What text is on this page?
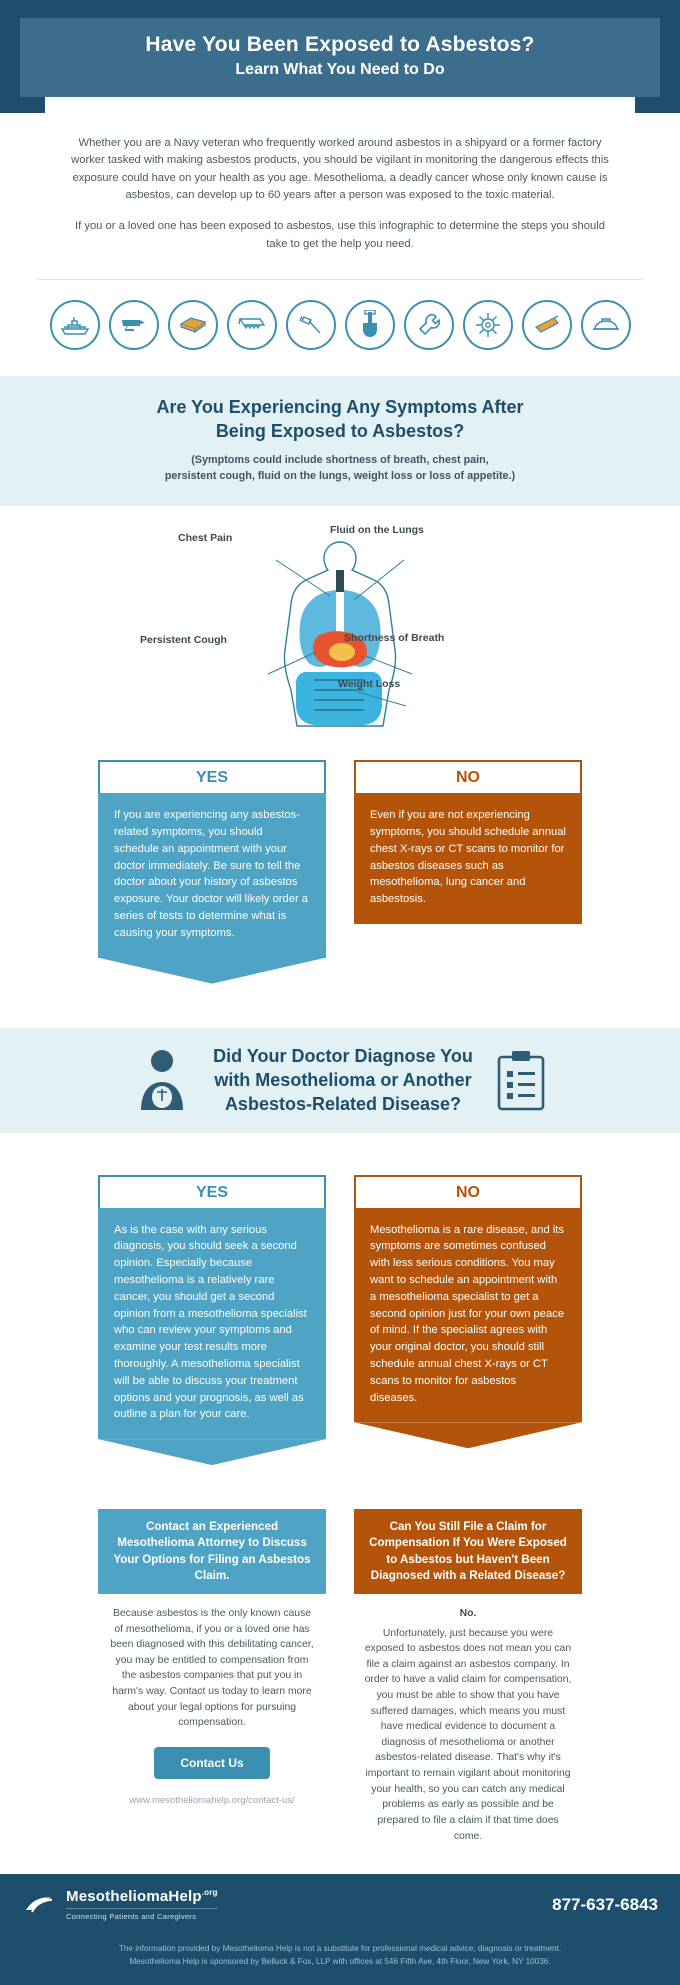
Have You Been Exposed to Asbestos?
Learn What You Need to Do

Whether you are a Navy veteran who frequently worked around asbestos in a shipyard or a former factory worker tasked with making asbestos products, you should be vigilant in monitoring the dangerous effects this exposure could have on your health as you age. Mesothelioma, a deadly cancer whose only known cause is asbestos, can develop up to 60 years after a person was exposed to the toxic material.

If you or a loved one has been exposed to asbestos, use this infographic to determine the steps you should take to get the help you need.

Are You Experiencing Any Symptoms After
Being Exposed to Asbestos?
(Symptoms could include shortness of breath, chest pain,
persistent cough, fluid on the lungs, weight loss or loss of appetite.)
Chest Pain
Fluid on the Lungs
Persistent Cough	Shortness of Breath
Weight Loss
YES
If you are experiencing any asbestos-related symptoms, you should schedule an appointment with your doctor immediately. Be sure to tell the doctor about your history of asbestos exposure. Your doctor will likely order a series of tests to determine what is causing your symptoms.
NO
Even if you are not experiencing symptoms, you should schedule annual chest X-rays or CT scans to monitor for asbestos diseases such as mesothelioma, lung cancer and asbestosis.
Did Your Doctor Diagnose You
with Mesothelioma or Another
Asbestos-Related Disease?
YES
As is the case with any serious diagnosis, you should seek a second opinion. Especially because mesothelioma is a relatively rare cancer, you should get a second opinion from a mesothelioma specialist who can review your symptoms and examine your test results more thoroughly. A mesothelioma specialist will be able to discuss your treatment options and your prognosis, as well as outline a plan for your care.
NO
Mesothelioma is a rare disease, and its symptoms are sometimes confused with less serious conditions. You may want to schedule an appointment with a mesothelioma specialist to get a second opinion just for your own peace of mind. If the specialist agrees with your original doctor, you should still schedule annual chest X-rays or CT scans to monitor for asbestos diseases.
Contact an Experienced Mesothelioma Attorney to Discuss Your Options for Filing an Asbestos Claim.
Because asbestos is the only known cause of mesothelioma, if you or a loved one has been diagnosed with this debilitating cancer, you may be entitled to compensation from the asbestos companies that put you in harm's way. Contact us today to learn more about your legal options for pursuing compensation.
Contact Us
www.mesotheliomahelp.org/contact-us/
Can You Still File a Claim for Compensation If You Were Exposed to Asbestos but Haven't Been Diagnosed with a Related Disease?
No.
Unfortunately, just because you were exposed to asbestos does not mean you can file a claim against an asbestos company. In order to have a valid claim for compensation, you must be able to show that you have suffered damages, which means you must have medical evidence to document a diagnosis of mesothelioma or another asbestos-related disease. That's why it's important to remain vigilant about monitoring your health, so you can catch any medical problems as early as possible and be prepared to file a claim if that time does come.
MesotheliomaHelp$^{.org}$
Connecting Patients and Caregivers
877-637-6843
The information provided by Mesothelioma Help is not a substitute for professional medical advice, diagnosis or treatment.
Mesothelioma Help is sponsored by Belluck & Fox, LLP with offices at 546 Fifth Ave, 4th Floor, New York, NY 10036.
